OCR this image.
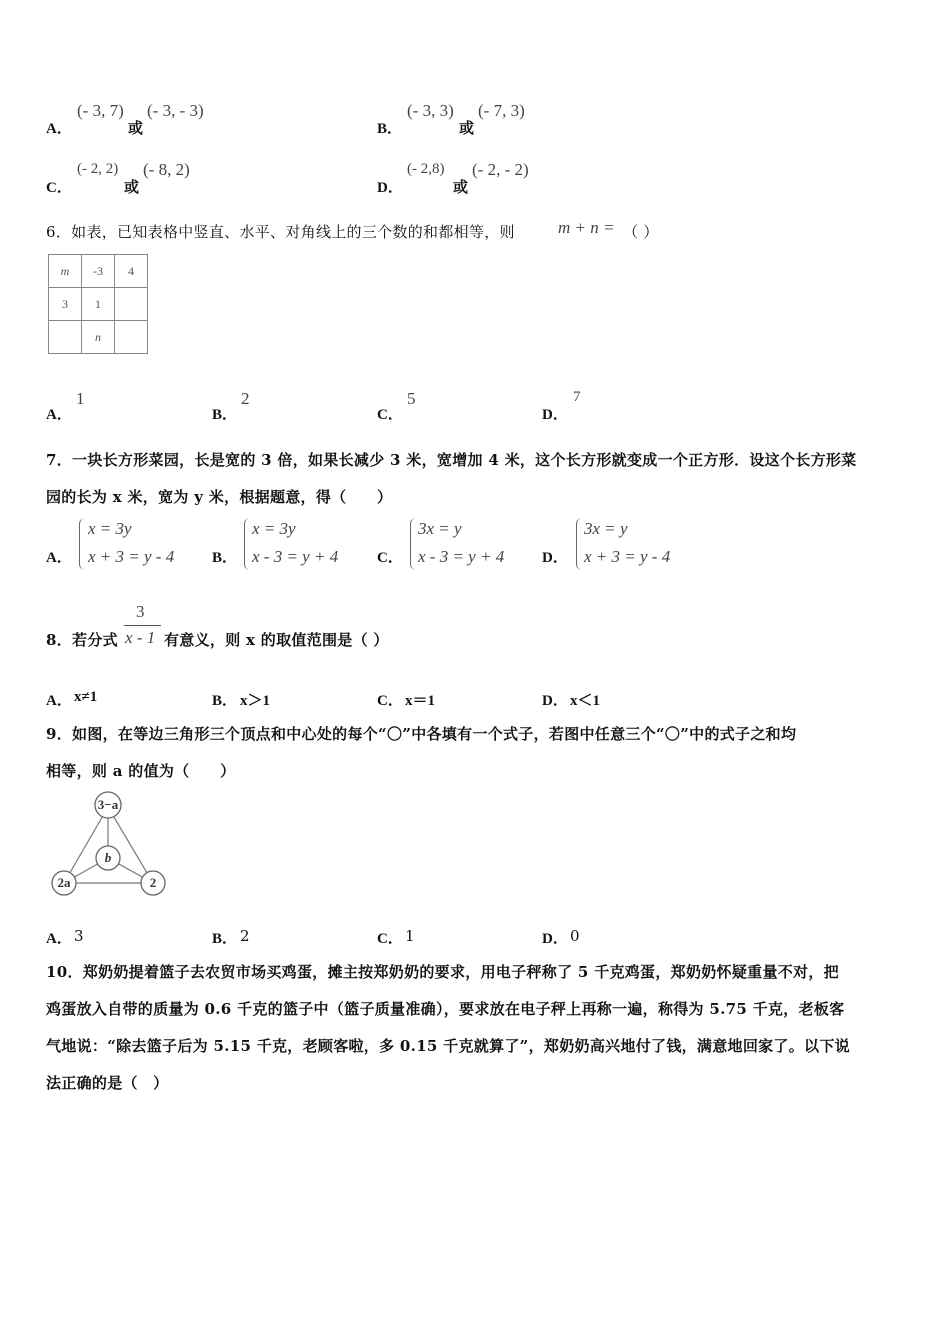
A．
(- 3, 7)
或
(- 3, - 3)
B．
(- 3, 3)
或
(- 7, 3)
C．
(- 2, 2)
或
(- 8, 2)
D．
(- 2,8)
或
(- 2, - 2)
6．如表，已知表格中竖直、水平、对角线上的三个数的和都相等，则	m + n = （ ）
m	-3	4
3	1	
	n	
A．
1
B．
2
C．
5
D．
7
7．一块长方形菜园，长是宽的 3 倍，如果长减少 3 米，宽增加 4 米，这个长方形就变成一个正方形．设这个长方形菜
园的长为 x 米，宽为 y 米，根据题意，得（　　）
A．
x = 3y
x + 3 = y - 4	B．
x = 3y
x - 3 = y + 4	C．
3x = y
x - 3 = y + 4	D．
3x = y
x + 3 = y - 4
8．若分式
3
x - 1 有意义，则 x 的取值范围是（ ）
A． x≠1	B． x＞1	C． x＝1	D． x＜1
9．如图，在等边三角形三个顶点和中心处的每个“〇”中各填有一个式子，若图中任意三个“〇”中的式子之和均
相等，则 a 的值为（　　）
3−a
b
2a	2
A． 3	B． 2	C． 1	D． 0
10．郑奶奶提着篮子去农贸市场买鸡蛋，摊主按郑奶奶的要求，用电子秤称了 5 千克鸡蛋，郑奶奶怀疑重量不对，把
鸡蛋放入自带的质量为 0.6 千克的篮子中（篮子质量准确），要求放在电子秤上再称一遍，称得为 5.75 千克，老板客
气地说：“除去篮子后为 5.15 千克，老顾客啦，多 0.15 千克就算了”，郑奶奶高兴地付了钱，满意地回家了。以下说
法正确的是（　）
